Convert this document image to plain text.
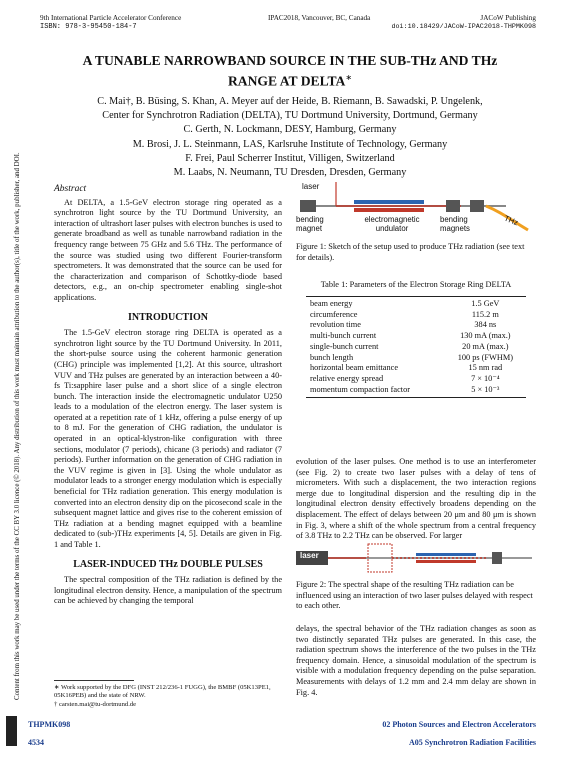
9th International Particle Accelerator Conference
ISBN: 978-3-95450-184-7
IPAC2018, Vancouver, BC, Canada	JACoW Publishing
doi:10.18429/JACoW-IPAC2018-THPMK098
Content from this work may be used under the terms of the CC BY 3.0 licence (© 2018). Any distribution of this work must maintain attribution to the author(s), title of the work, publisher, and DOI.
A TUNABLE NARROWBAND SOURCE IN THE SUB-THz AND THz
RANGE AT DELTA∗
C. Mai†, B. Büsing, S. Khan, A. Meyer auf der Heide, B. Riemann, B. Sawadski, P. Ungelenk,
Center for Synchrotron Radiation (DELTA), TU Dortmund University, Dortmund, Germany
C. Gerth, N. Lockmann, DESY, Hamburg, Germany
M. Brosi, J. L. Steinmann, LAS, Karlsruhe Institute of Technology, Germany
F. Frei, Paul Scherrer Institut, Villigen, Switzerland
M. Laabs, N. Neumann, TU Dresden, Dresden, Germany
Abstract

At DELTA, a 1.5-GeV electron storage ring operated as a synchrotron light source by the TU Dortmund University, an interaction of ultrashort laser pulses with electron bunches is used to generate broadband as well as tunable narrowband radiation in the frequency range between 75 GHz and 5.6 THz. The performance of the source was studied using two different Fourier-transform spectrometers. It was demonstrated that the source can be used for the characterization and comparison of Schottky-diode based detectors, e.g., an on-chip spectrometer enabling single-shot applications.

INTRODUCTION

The 1.5-GeV electron storage ring DELTA is operated as a synchrotron light source by the TU Dortmund University. In 2011, the short-pulse source using the coherent harmonic generation (CHG) principle was implemented [1,2]. At this source, ultrashort VUV and THz pulses are generated by an interaction between a 40-fs Ti:sapphire laser pulse and a short slice of a single electron bunch. The interaction inside the electromagnetic undulator U250 leads to a modulation of the electron energy. The laser system is operated at a repetition rate of 1 kHz, offering a pulse energy of up to 8 mJ. For the generation of CHG radiation, the undulator is operated in an optical-klystron-like configuration with three sections, modulator (7 periods), chicane (3 periods) and radiator (7 periods). Further information on the generation of CHG radiation in the VUV regime is given in [3]. Using the whole undulator as modulator leads to a stronger energy modulation which is especially beneficial for THz radiation generation. This energy modulation is converted into an electron density dip on the picosecond scale in the subsequent magnet lattice and gives rise to the coherent emission of THz radiation at a bending magnet equipped with a beamline dedicated to (sub-)THz experiments [4, 5]. Details are given in Fig. 1 and Table 1.

LASER-INDUCED THz DOUBLE PULSES

The spectral composition of the THz radiation is defined by the longitudinal electron density. Hence, a manipulation of the spectrum can be achieved by changing the temporal

∗ Work supported by the DFG (INST 212/236-1 FUGG), the BMBF (05K13PE1, 05K16PEB) and the state of NRW.
† carsten.mai@tu-dortmund.de
laser
bending
magnet
electromagnetic
undulator
bending
magnets
THz
Figure 1: Sketch of the setup used to produce THz radiation (see text for details).
Table 1: Parameters of the Electron Storage Ring DELTA
beam energy	1.5 GeV
circumference	115.2 m
revolution time	384 ns
multi-bunch current	130 mA (max.)
single-bunch current	20 mA (max.)
bunch length	100 ps (FWHM)
horizontal beam emittance	15 nm rad
relative energy spread	7 × 10⁻⁴
momentum compaction factor	5 × 10⁻³

evolution of the laser pulses. One method is to use an interferometer (see Fig. 2) to create two laser pulses with a delay of tens of micrometers. With such a displacement, the two interaction regions merge due to longitudinal dispersion and the resulting dip in the longitudinal electron density effectively broadens depending on the displacement. The effect of delays between 20 μm and 80 μm is shown in Fig. 3, where a shift of the whole spectrum from a central frequency of 3.8 THz to 2.2 THz can be observed. For larger

laser
Figure 2: The spectral shape of the resulting THz radiation can be influenced using an interaction of two laser pulses delayed with respect to each other.

delays, the spectral behavior of the THz radiation changes as soon as two distinctly separated THz pulses are generated. In this case, the radiation spectrum shows the interference of the two pulses in the THz frequency domain. Hence, a sinusoidal modulation of the spectrum is visible with a modulation frequency depending on the pulse separation. Measurements with delays of 1.2 mm and 2.4 mm delay are shown in Fig. 4.

THPMK098
4534
02 Photon Sources and Electron Accelerators
A05 Synchrotron Radiation Facilities
